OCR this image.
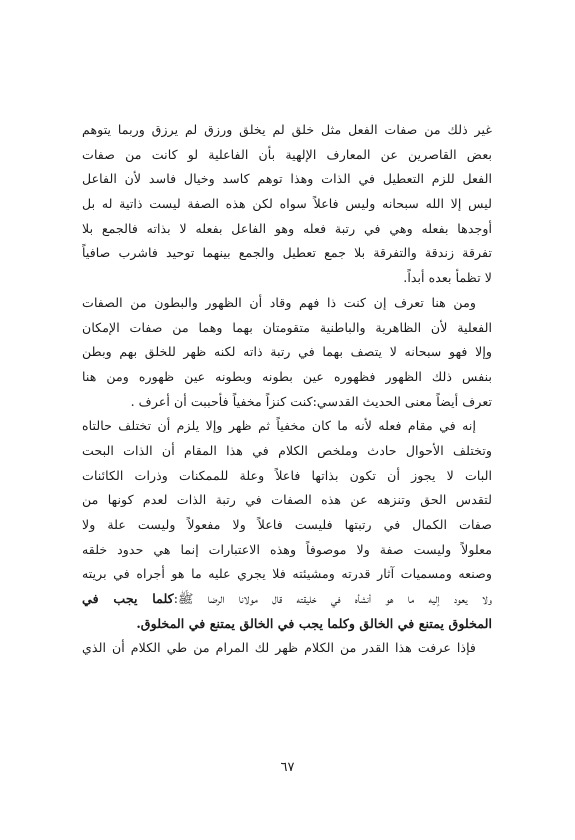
غير ذلك من صفات الفعل مثل خلق لم يخلق ورزق لم يرزق وربما يتوهم
بعض القاصرين عن المعارف الإلهية بأن الفاعلية لو كانت من صفات
الفعل للزم التعطيل في الذات وهذا توهم كاسد وخيال فاسد لأن الفاعل
ليس إلا الله سبحانه وليس فاعلاً سواه لكن هذه الصفة ليست ذاتية له بل
أوجدها بفعله وهي في رتبة فعله وهو الفاعل بفعله لا بذاته فالجمع بلا
تفرقة زندقة والتفرقة بلا جمع تعطيل والجمع بينهما توحيد فاشرب صافياً
لا تظمأ بعده أبداً.
ومن هنا تعرف إن كنت ذا فهم وقاد أن الظهور والبطون من الصفات
الفعلية لأن الظاهرية والباطنية متقومتان بهما وهما من صفات الإمكان
وإلا فهو سبحانه لا يتصف بهما في رتبة ذاته لكنه ظهر للخلق بهم وبطن
بنفس ذلك الظهور فظهوره عين بطونه وبطونه عين ظهوره ومن هنا
تعرف أيضاً معنى الحديث القدسي:كنت كنزاً مخفياً فأحببت أن أعرف .
إنه في مقام فعله لأنه ما كان مخفياً ثم ظهر وإلا يلزم أن تختلف حالتاه
وتختلف الأحوال حادث وملخص الكلام في هذا المقام أن الذات البحت
البات لا يجوز أن تكون بذاتها فاعلاً وعلة للممكنات وذرات الكائنات
لتقدس الحق وتنزهه عن هذه الصفات في رتبة الذات لعدم كونها من
صفات الكمال في رتبتها فليست فاعلاً ولا مفعولاً وليست علة ولا
معلولاً وليست صفة ولا موصوفاً وهذه الاعتبارات إنما هي حدود خلقه
وصنعه ومسميات آثار قدرته ومشيئته فلا يجري عليه ما هو أجراه في بريته
ولا يعود إليه ما هو أنشأه في خليقته قال مولانا الرضا ﷺ:كلما يجب في
المخلوق يمتنع في الخالق وكلما يجب في الخالق يمتنع في المخلوق.
فإذا عرفت هذا القدر من الكلام ظهر لك المرام من طي الكلام أن الذي
٦٧
